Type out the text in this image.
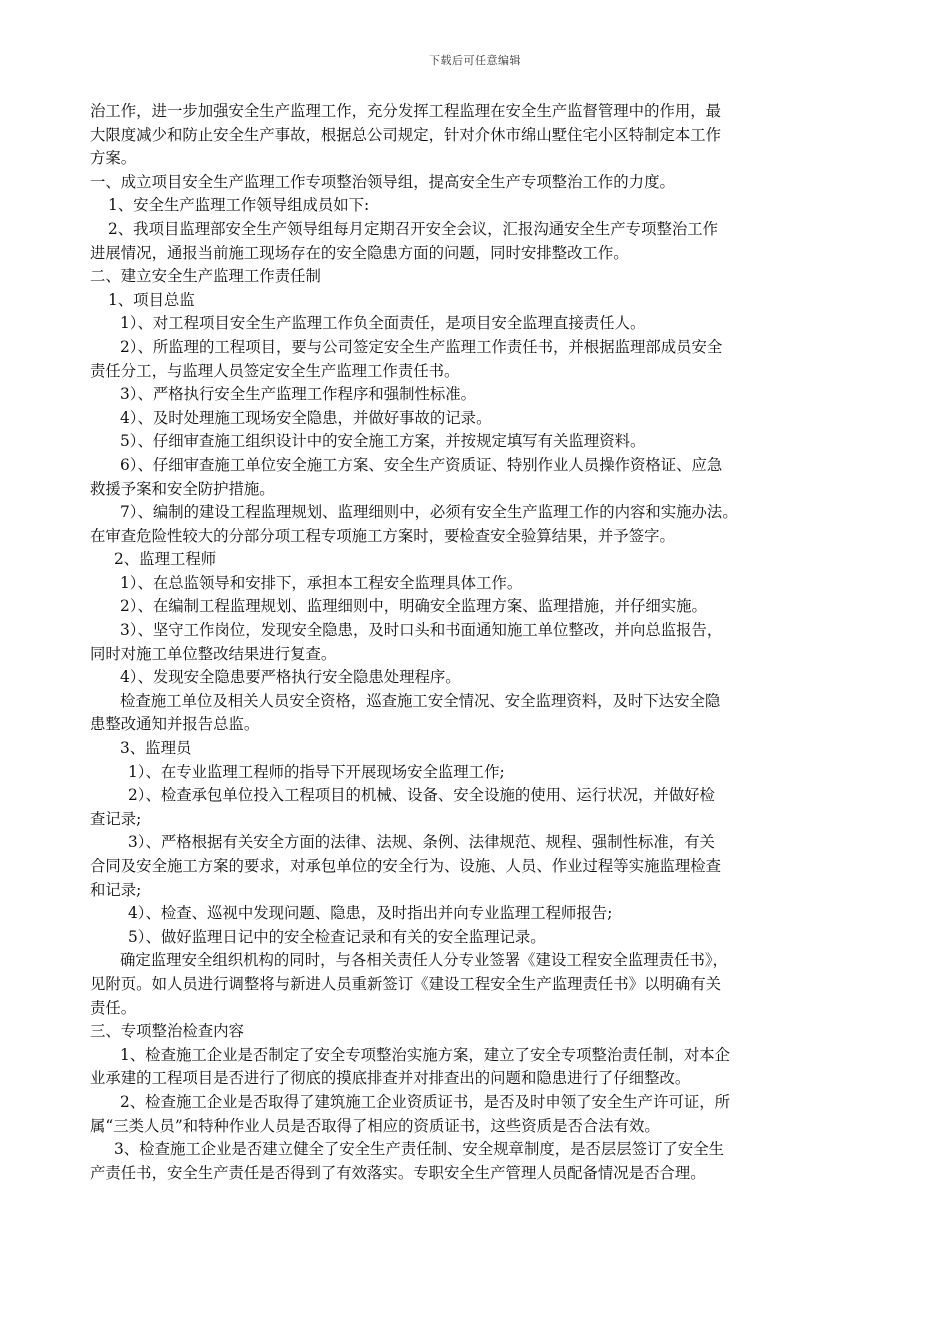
下载后可任意编辑

治工作，进一步加强安全生产监理工作，充分发挥工程监理在安全生产监督管理中的作用，最

大限度减少和防止安全生产事故，根据总公司规定，针对介休市绵山墅住宅小区特制定本工作

方案。

一、成立项目安全生产监理工作专项整治领导组，提高安全生产专项整治工作的力度。

1、安全生产监理工作领导组成员如下:

2、我项目监理部安全生产领导组每月定期召开安全会议，汇报沟通安全生产专项整治工作

进展情况，通报当前施工现场存在的安全隐患方面的问题，同时安排整改工作。

二、建立安全生产监理工作责任制

1、项目总监

1）、对工程项目安全生产监理工作负全面责任，是项目安全监理直接责任人。

2）、所监理的工程项目，要与公司签定安全生产监理工作责任书，并根据监理部成员安全

责任分工，与监理人员签定安全生产监理工作责任书。

3）、严格执行安全生产监理工作程序和强制性标准。

4）、及时处理施工现场安全隐患，并做好事故的记录。

5）、仔细审查施工组织设计中的安全施工方案，并按规定填写有关监理资料。

6）、仔细审查施工单位安全施工方案、安全生产资质证、特别作业人员操作资格证、应急

救援予案和安全防护措施。

7）、编制的建设工程监理规划、监理细则中，必须有安全生产监理工作的内容和实施办法。

在审查危险性较大的分部分项工程专项施工方案时，要检查安全验算结果，并予签字。

2、监理工程师

1）、在总监领导和安排下，承担本工程安全监理具体工作。

2）、在编制工程监理规划、监理细则中，明确安全监理方案、监理措施，并仔细实施。

3）、坚守工作岗位，发现安全隐患，及时口头和书面通知施工单位整改，并向总监报告，

同时对施工单位整改结果进行复查。

4）、发现安全隐患要严格执行安全隐患处理程序。

检查施工单位及相关人员安全资格，巡查施工安全情况、安全监理资料，及时下达安全隐

患整改通知并报告总监。

3、监理员

1）、在专业监理工程师的指导下开展现场安全监理工作;

2）、检查承包单位投入工程项目的机械、设备、安全设施的使用、运行状况，并做好检

查记录;

3）、严格根据有关安全方面的法律、法规、条例、法律规范、规程、强制性标准，有关

合同及安全施工方案的要求，对承包单位的安全行为、设施、人员、作业过程等实施监理检查

和记录;

4）、检查、巡视中发现问题、隐患，及时指出并向专业监理工程师报告;

5）、做好监理日记中的安全检查记录和有关的安全监理记录。

确定监理安全组织机构的同时，与各相关责任人分专业签署《建设工程安全监理责任书》，

见附页。如人员进行调整将与新进人员重新签订《建设工程安全生产监理责任书》以明确有关

责任。

三、专项整治检查内容

1、检查施工企业是否制定了安全专项整治实施方案，建立了安全专项整治责任制，对本企

业承建的工程项目是否进行了彻底的摸底排查并对排查出的问题和隐患进行了仔细整改。

2、检查施工企业是否取得了建筑施工企业资质证书，是否及时申领了安全生产许可证，所

属“三类人员”和特种作业人员是否取得了相应的资质证书，这些资质是否合法有效。

3、检查施工企业是否建立健全了安全生产责任制、安全规章制度，是否层层签订了安全生

产责任书，安全生产责任是否得到了有效落实。专职安全生产管理人员配备情况是否合理。
